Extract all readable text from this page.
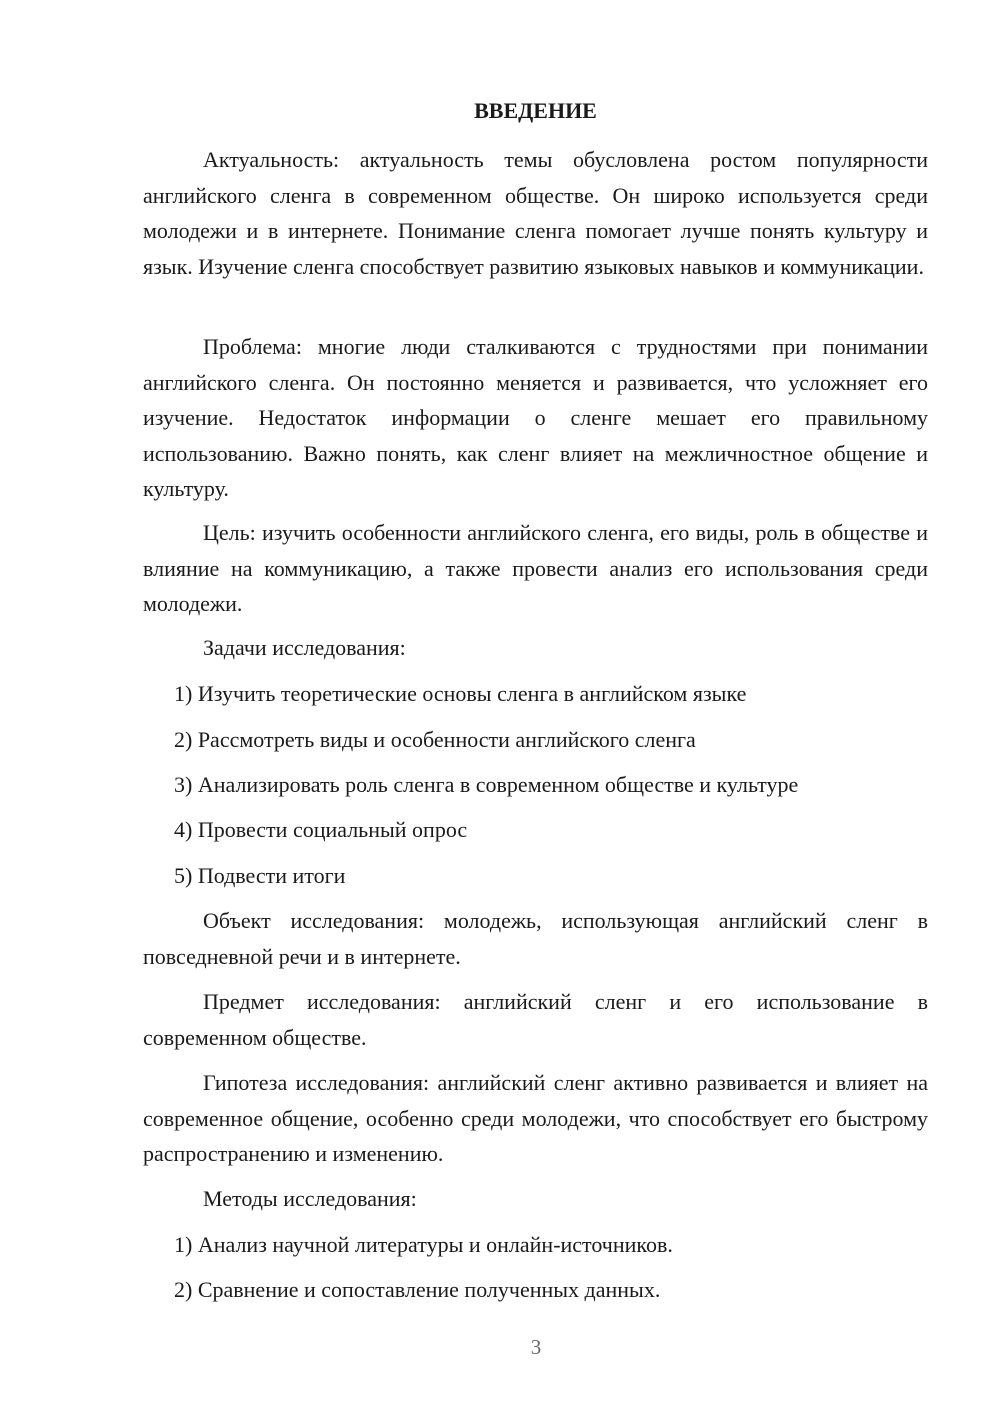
ВВЕДЕНИЕ

Актуальность: актуальность темы обусловлена ростом популярности английского сленга в современном обществе. Он широко используется среди молодежи и в интернете. Понимание сленга помогает лучше понять культуру и язык. Изучение сленга способствует развитию языковых навыков и коммуникации.

Проблема: многие люди сталкиваются с трудностями при понимании английского сленга. Он постоянно меняется и развивается, что усложняет его изучение. Недостаток информации о сленге мешает его правильному использованию. Важно понять, как сленг влияет на межличностное общение и культуру.

Цель: изучить особенности английского сленга, его виды, роль в обществе и влияние на коммуникацию, а также провести анализ его использования среди молодежи.

Задачи исследования:

1) Изучить теоретические основы сленга в английском языке

2) Рассмотреть виды и особенности английского сленга

3) Анализировать роль сленга в современном обществе и культуре

4) Провести социальный опрос

5) Подвести итоги

Объект исследования: молодежь, использующая английский сленг в повседневной речи и в интернете.

Предмет исследования: английский сленг и его использование в современном обществе.

Гипотеза исследования: английский сленг активно развивается и влияет на современное общение, особенно среди молодежи, что способствует его быстрому распространению и изменению.

Методы исследования:

1) Анализ научной литературы и онлайн-источников.

2) Сравнение и сопоставление полученных данных.

3
